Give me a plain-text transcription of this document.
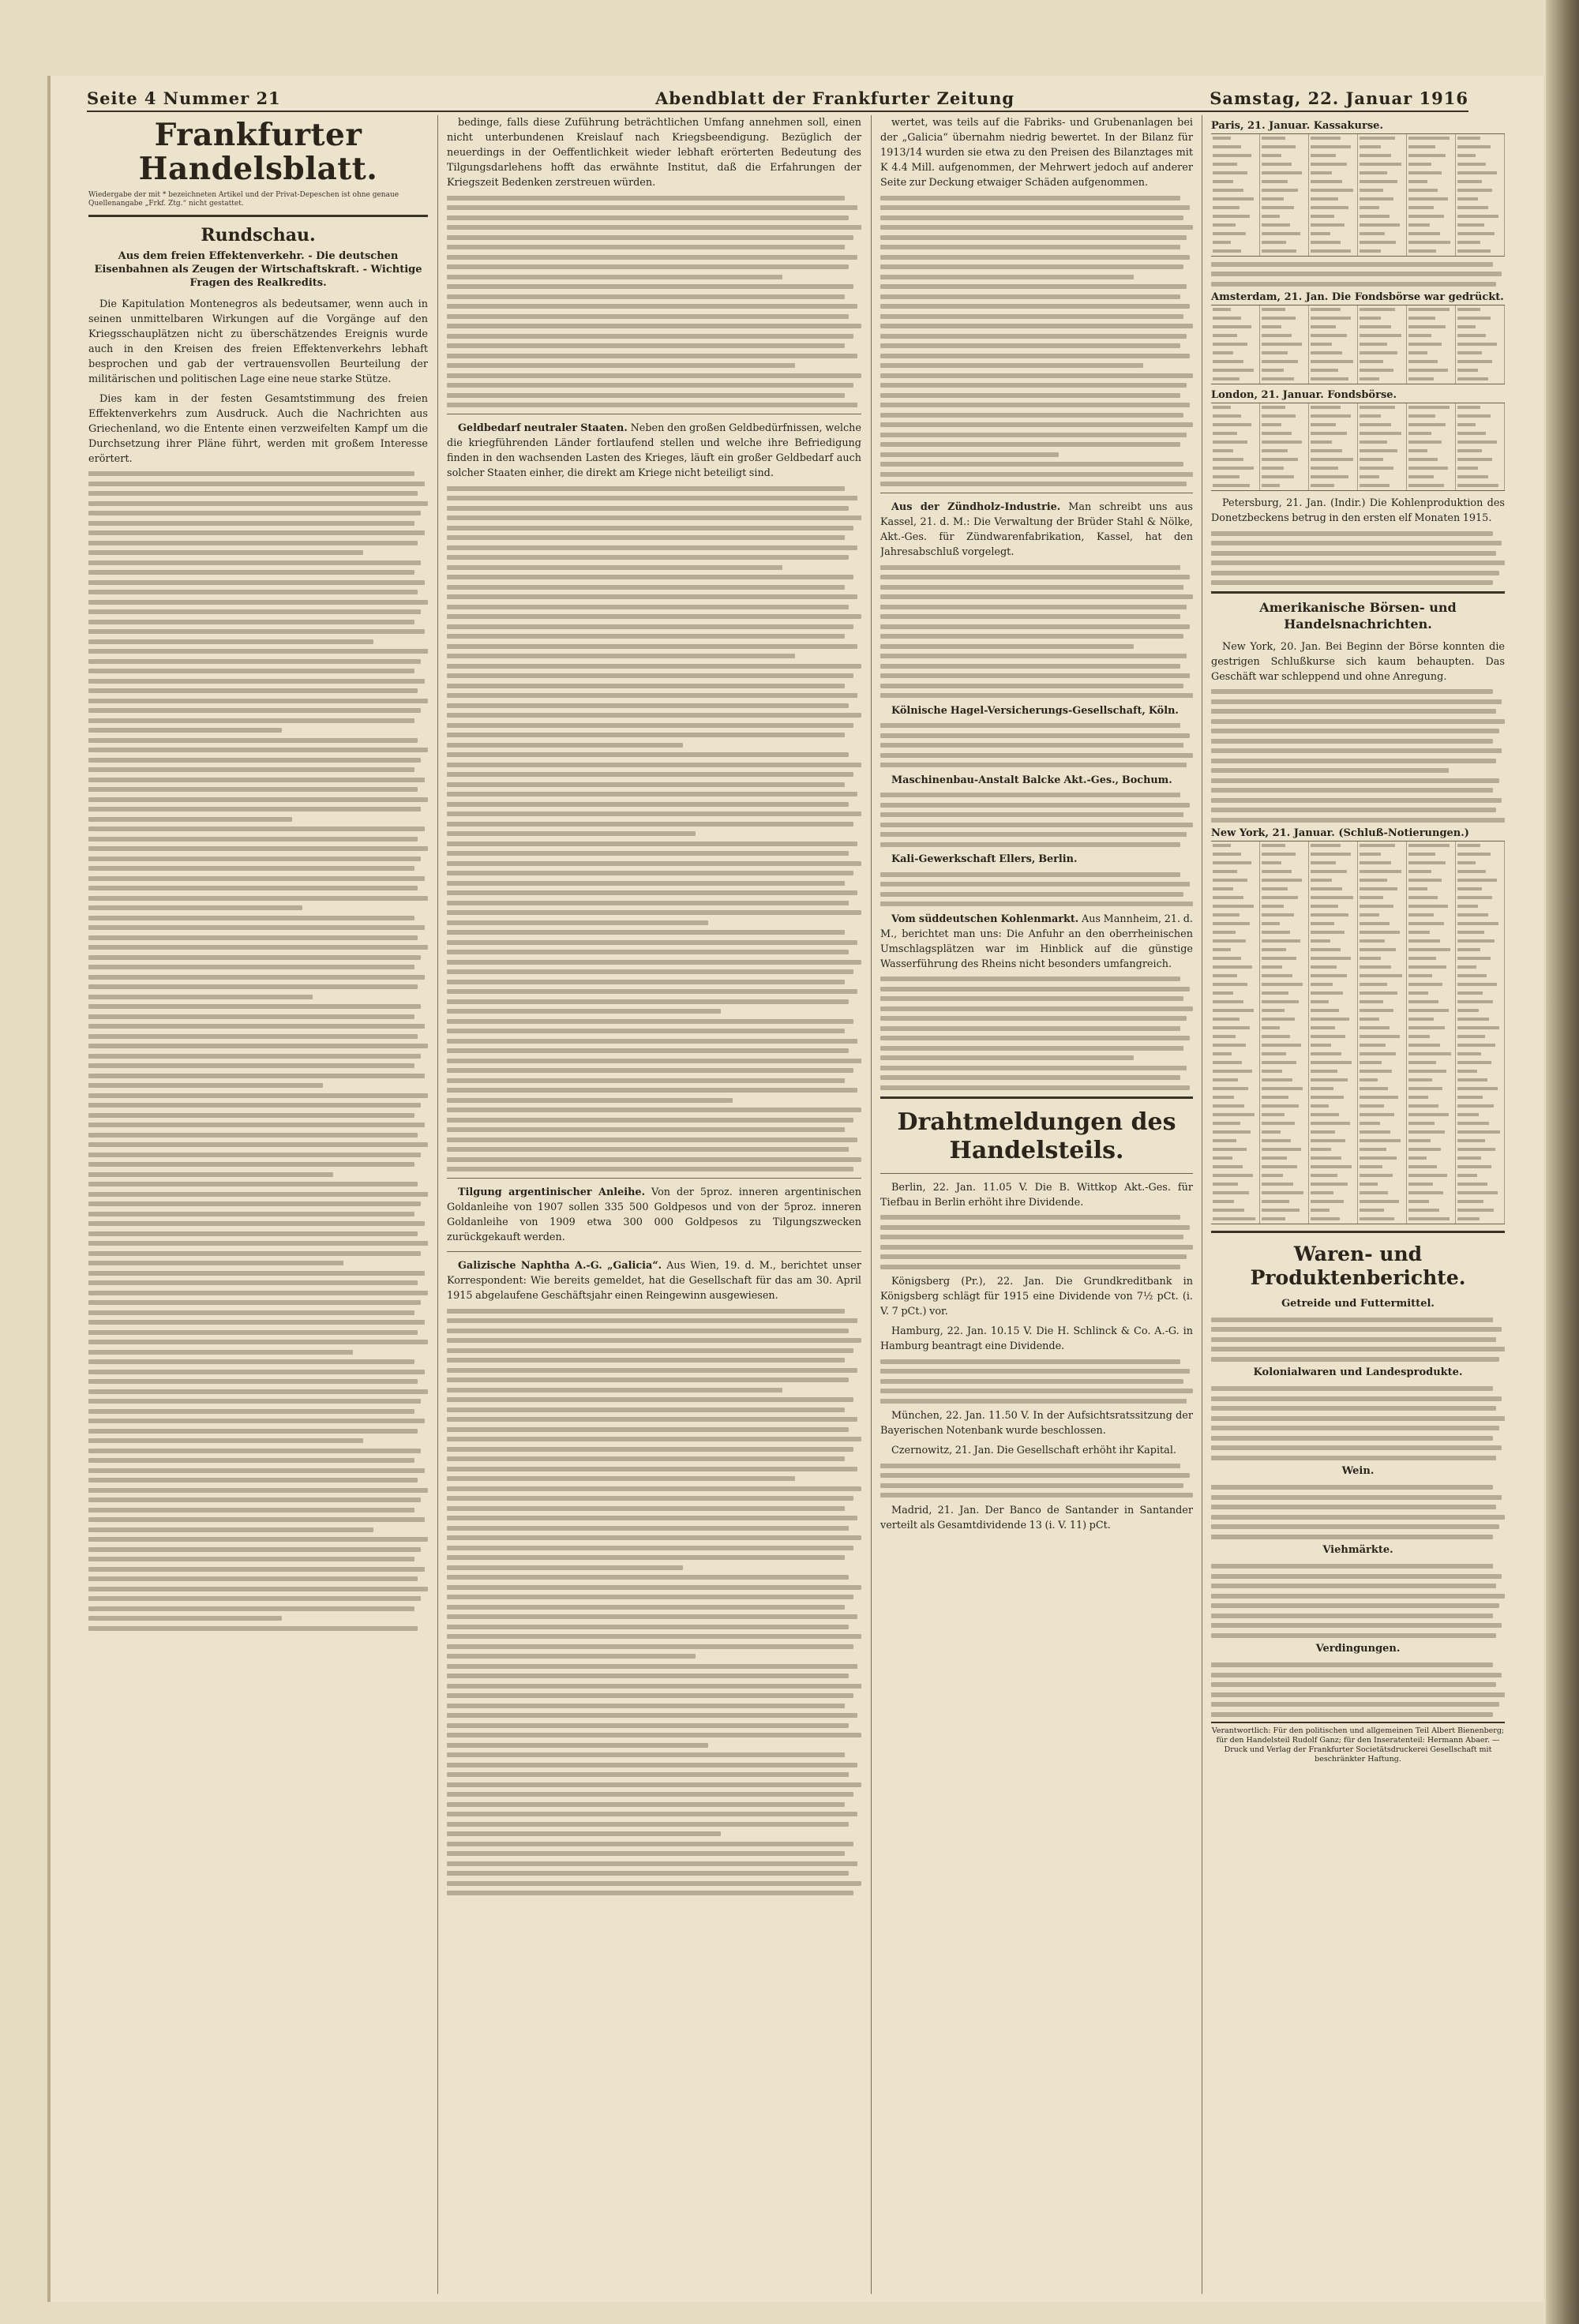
Seite 4 Nummer 21	Abendblatt der Frankfurter Zeitung	Samstag, 22. Januar 1916
Frankfurter Handelsblatt.
Wiedergabe der mit * bezeichneten Artikel und der Privat-Depeschen ist ohne genaue Quellenangabe „Frkf. Ztg.“ nicht gestattet.
Rundschau.
Aus dem freien Effektenverkehr. - Die deutschen Eisenbahnen als Zeugen der Wirtschaftskraft. - Wichtige Fragen des Realkredits.

Die Kapitulation Montenegros als bedeutsamer, wenn auch in seinen unmittelbaren Wirkungen auf die Vorgänge auf den Kriegsschauplätzen nicht zu überschätzendes Ereignis wurde auch in den Kreisen des freien Effektenverkehrs lebhaft besprochen und gab der vertrauensvollen Beurteilung der militärischen und politischen Lage eine neue starke Stütze.

Dies kam in der festen Gesamtstimmung des freien Effektenverkehrs zum Ausdruck. Auch die Nachrichten aus Griechenland, wo die Entente einen verzweifelten Kampf um die Durchsetzung ihrer Pläne führt, werden mit großem Interesse erörtert.

bedinge, falls diese Zuführung beträchtlichen Umfang annehmen soll, einen nicht unterbundenen Kreislauf nach Kriegsbeendigung. Bezüglich der neuerdings in der Oeffentlichkeit wieder lebhaft erörterten Bedeutung des Tilgungsdarlehens hofft das erwähnte Institut, daß die Erfahrungen der Kriegszeit Bedenken zerstreuen würden.

Geldbedarf neutraler Staaten. Neben den großen Geldbedürfnissen, welche die kriegführenden Länder fortlaufend stellen und welche ihre Befriedigung finden in den wachsenden Lasten des Krieges, läuft ein großer Geldbedarf auch solcher Staaten einher, die direkt am Kriege nicht beteiligt sind.

Tilgung argentinischer Anleihe. Von der 5proz. inneren argentinischen Goldanleihe von 1907 sollen 335 500 Goldpesos und von der 5proz. inneren Goldanleihe von 1909 etwa 300 000 Goldpesos zu Tilgungszwecken zurückgekauft werden.

Galizische Naphtha A.-G. „Galicia“. Aus Wien, 19. d. M., berichtet unser Korrespondent: Wie bereits gemeldet, hat die Gesellschaft für das am 30. April 1915 abgelaufene Geschäftsjahr einen Reingewinn ausgewiesen.

wertet, was teils auf die Fabriks- und Grubenanlagen bei der „Galicia“ übernahm niedrig bewertet. In der Bilanz für 1913/14 wurden sie etwa zu den Preisen des Bilanztages mit K 4.4 Mill. aufgenommen, der Mehrwert jedoch auf anderer Seite zur Deckung etwaiger Schäden aufgenommen.

Aus der Zündholz-Industrie. Man schreibt uns aus Kassel, 21. d. M.: Die Verwaltung der Brüder Stahl & Nölke, Akt.-Ges. für Zündwarenfabrikation, Kassel, hat den Jahresabschluß vorgelegt.

Kölnische Hagel-Versicherungs-Gesellschaft, Köln.

Maschinenbau-Anstalt Balcke Akt.-Ges., Bochum.

Kali-Gewerkschaft Ellers, Berlin.

Vom süddeutschen Kohlenmarkt. Aus Mannheim, 21. d. M., berichtet man uns: Die Anfuhr an den oberrheinischen Umschlagsplätzen war im Hinblick auf die günstige Wasserführung des Rheins nicht besonders umfangreich.

Drahtmeldungen des Handelsteils.

Berlin, 22. Jan. 11.05 V. Die B. Wittkop Akt.-Ges. für Tiefbau in Berlin erhöht ihre Dividende.

Königsberg (Pr.), 22. Jan. Die Grundkreditbank in Königsberg schlägt für 1915 eine Dividende von 7½ pCt. (i. V. 7 pCt.) vor.

Hamburg, 22. Jan. 10.15 V. Die H. Schlinck & Co. A.-G. in Hamburg beantragt eine Dividende.

München, 22. Jan. 11.50 V. In der Aufsichtsratssitzung der Bayerischen Notenbank wurde beschlossen.

Czernowitz, 21. Jan. Die Gesellschaft erhöht ihr Kapital.

Madrid, 21. Jan. Der Banco de Santander in Santander verteilt als Gesamtdividende 13 (i. V. 11) pCt.

Paris, 21. Januar. Kassakurse.
Amsterdam, 21. Jan. Die Fondsbörse war gedrückt.
London, 21. Januar. Fondsbörse.

Petersburg, 21. Jan. (Indir.) Die Kohlenproduktion des Donetzbeckens betrug in den ersten elf Monaten 1915.

Amerikanische Börsen- und Handelsnachrichten.

New York, 20. Jan. Bei Beginn der Börse konnten die gestrigen Schlußkurse sich kaum behaupten. Das Geschäft war schleppend und ohne Anregung.

New York, 21. Januar. (Schluß-Notierungen.)
Waren- und Produktenberichte.
Getreide und Futtermittel.
Kolonialwaren und Landesprodukte.
Wein.
Viehmärkte.
Verdingungen.
Verantwortlich: Für den politischen und allgemeinen Teil Albert Bienenberg; für den Handelsteil Rudolf Ganz; für den Inseratenteil: Hermann Abaer. — Druck und Verlag der Frankfurter Societätsdruckerei Gesellschaft mit beschränkter Haftung.
